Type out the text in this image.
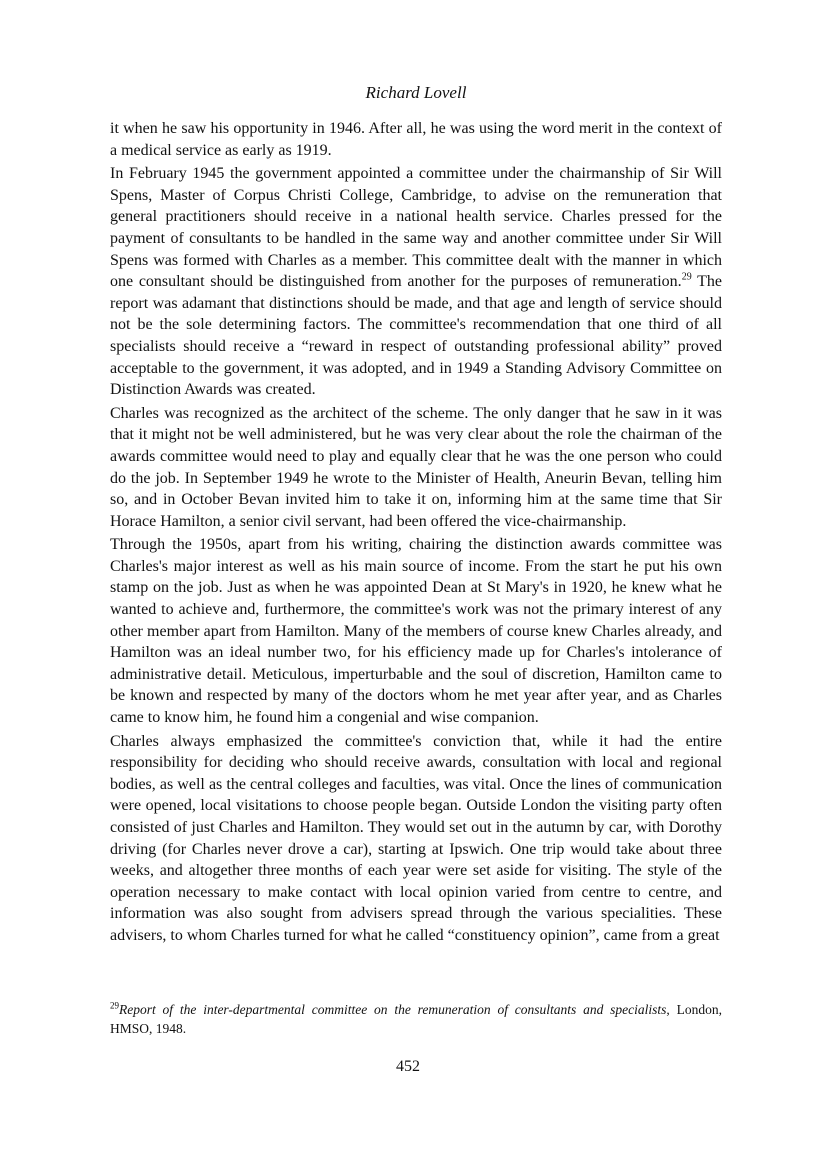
Richard Lovell

it when he saw his opportunity in 1946. After all, he was using the word merit in the context of a medical service as early as 1919.

In February 1945 the government appointed a committee under the chairmanship of Sir Will Spens, Master of Corpus Christi College, Cambridge, to advise on the remuneration that general practitioners should receive in a national health service. Charles pressed for the payment of consultants to be handled in the same way and another committee under Sir Will Spens was formed with Charles as a member. This committee dealt with the manner in which one consultant should be distinguished from another for the purposes of remuneration.$^{29}$ The report was adamant that distinctions should be made, and that age and length of service should not be the sole determining factors. The committee's recommendation that one third of all specialists should receive a “reward in respect of outstanding professional ability” proved acceptable to the government, it was adopted, and in 1949 a Standing Advisory Committee on Distinction Awards was created.

Charles was recognized as the architect of the scheme. The only danger that he saw in it was that it might not be well administered, but he was very clear about the role the chairman of the awards committee would need to play and equally clear that he was the one person who could do the job. In September 1949 he wrote to the Minister of Health, Aneurin Bevan, telling him so, and in October Bevan invited him to take it on, informing him at the same time that Sir Horace Hamilton, a senior civil servant, had been offered the vice-chairmanship.

Through the 1950s, apart from his writing, chairing the distinction awards committee was Charles's major interest as well as his main source of income. From the start he put his own stamp on the job. Just as when he was appointed Dean at St Mary's in 1920, he knew what he wanted to achieve and, furthermore, the committee's work was not the primary interest of any other member apart from Hamilton. Many of the members of course knew Charles already, and Hamilton was an ideal number two, for his efficiency made up for Charles's intolerance of administrative detail. Meticulous, imperturbable and the soul of discretion, Hamilton came to be known and respected by many of the doctors whom he met year after year, and as Charles came to know him, he found him a congenial and wise companion.

Charles always emphasized the committee's conviction that, while it had the entire responsibility for deciding who should receive awards, consultation with local and regional bodies, as well as the central colleges and faculties, was vital. Once the lines of communication were opened, local visitations to choose people began. Outside London the visiting party often consisted of just Charles and Hamilton. They would set out in the autumn by car, with Dorothy driving (for Charles never drove a car), starting at Ipswich. One trip would take about three weeks, and altogether three months of each year were set aside for visiting. The style of the operation necessary to make contact with local opinion varied from centre to centre, and information was also sought from advisers spread through the various specialities. These advisers, to whom Charles turned for what he called “constituency opinion”, came from a great

$^{29}$Report of the inter-departmental committee on the remuneration of consultants and specialists, London, HMSO, 1948.
452
